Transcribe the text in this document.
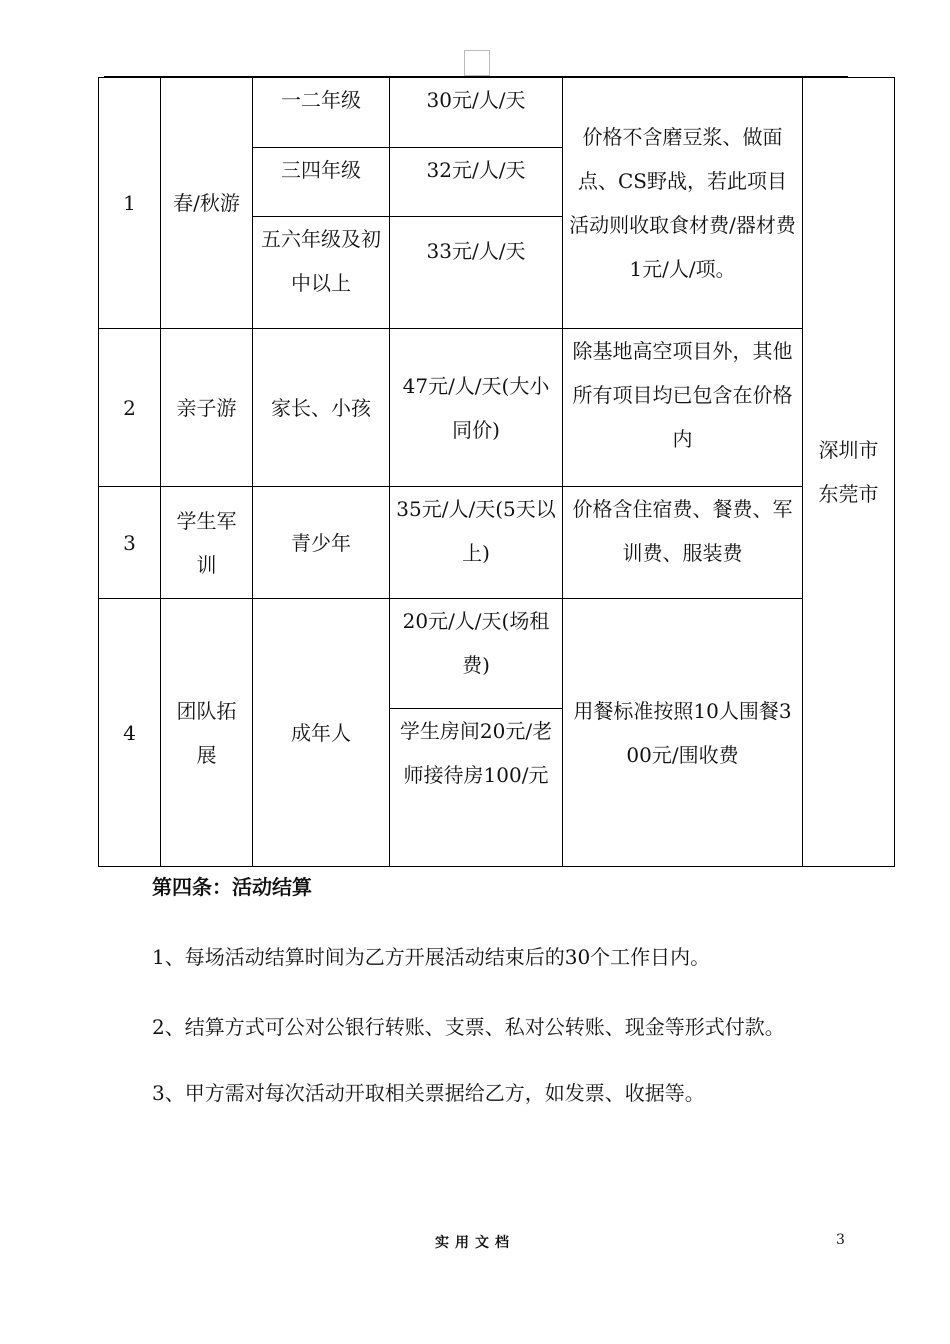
1	春/秋游	一二年级	30元/人/天	价格不含磨豆浆、做面点、CS野战，若此项目活动则收取食材费/器材费1元/人/项。	深圳市东莞市
		三四年级	32元/人/天		
		五六年级及初中以上	33元/人/天		
2	亲子游	家长、小孩	47元/人/天(大小同价)	除基地高空项目外，其他所有项目均已包含在价格内	
3	学生军训	青少年	35元/人/天(5天以上)	价格含住宿费、餐费、军训费、服装费	
4	团队拓展	成年人	20元/人/天(场租费)	用餐标准按照10人围餐300元/围收费	
			学生房间20元/老师接待房100/元		
第四条：活动结算
1、每场活动结算时间为乙方开展活动结束后的30个工作日内。
2、结算方式可公对公银行转账、支票、私对公转账、现金等形式付款。
3、甲方需对每次活动开取相关票据给乙方，如发票、收据等。
实用文档	3
